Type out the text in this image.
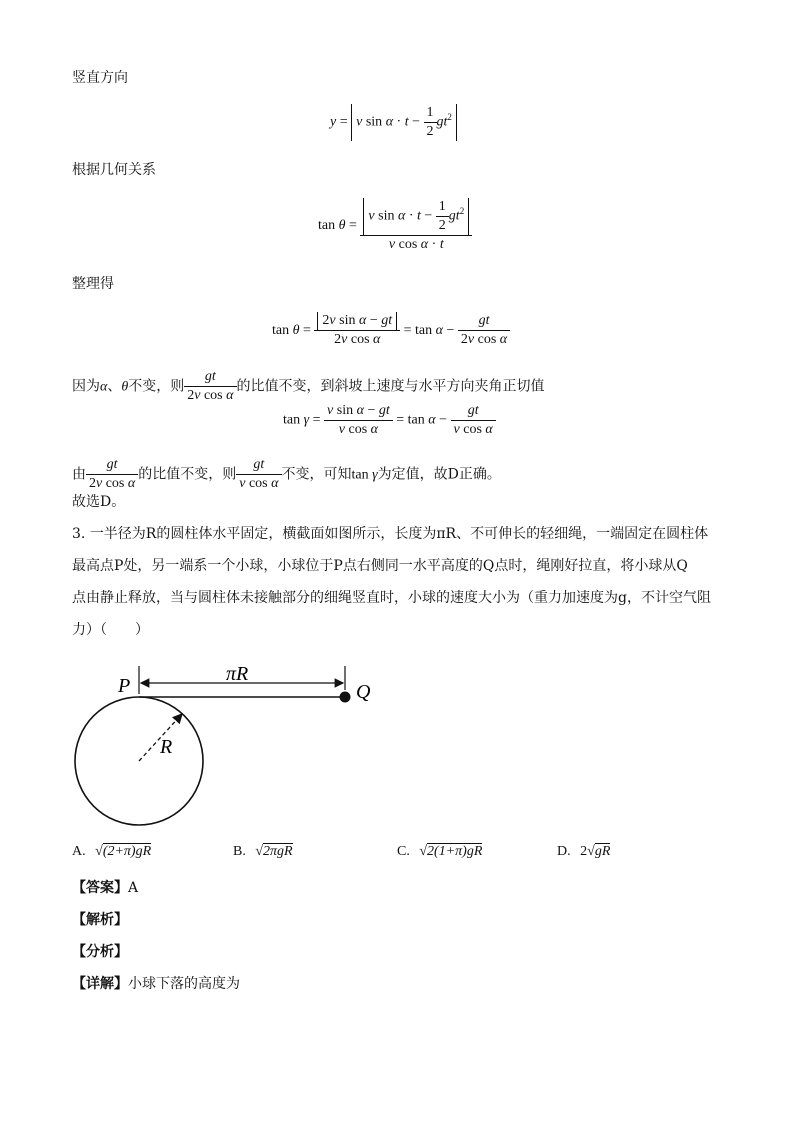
竖直方向
y = v $\sin \alpha \cdot t - \frac{1}{2} gt^2$
根据几何关系
$\tan \theta = \frac{v \sin \alpha \cdot t - \frac{1}{2} gt^2}{\text{v cos α · t}}$
整理得
$\tan \theta = \frac{\text{2v sin α − gt}}{\text{2v cos α}} = \tan \alpha - \frac{gt}{\text{2v cos α}}$
因为α、θ不变，则 $\frac{gt}{\text{2v cos α}}$ 的比值不变，到斜坡上速度与水平方向夹角正切值
$\tan \gamma = \frac{\text{v sin α − gt}}{\text{v cos α}} = \tan \alpha - \frac{gt}{\text{v cos α}}$
由 $\frac{gt}{\text{2v cos α}}$ 的比值不变，则 $\frac{gt}{\text{v cos α}}$ 不变，可知tan γ为定值，故D正确。
故选D。
3. 一半径为R的圆柱体水平固定，横截面如图所示，长度为πR、不可伸长的轻细绳，一端固定在圆柱体
最高点P处，另一端系一个小球，小球位于P点右侧同一水平高度的Q点时，绳刚好拉直，将小球从Q
点由静止释放，当与圆柱体未接触部分的细绳竖直时，小球的速度大小为（重力加速度为g，不计空气阻
力）（　　）
P	Q
πR
R
A. √(2+π)gR	B. √2πgR	C. √2(1+π)gR	D. 2√gR
【答案】A
【解析】
【分析】
【详解】小球下落的高度为
